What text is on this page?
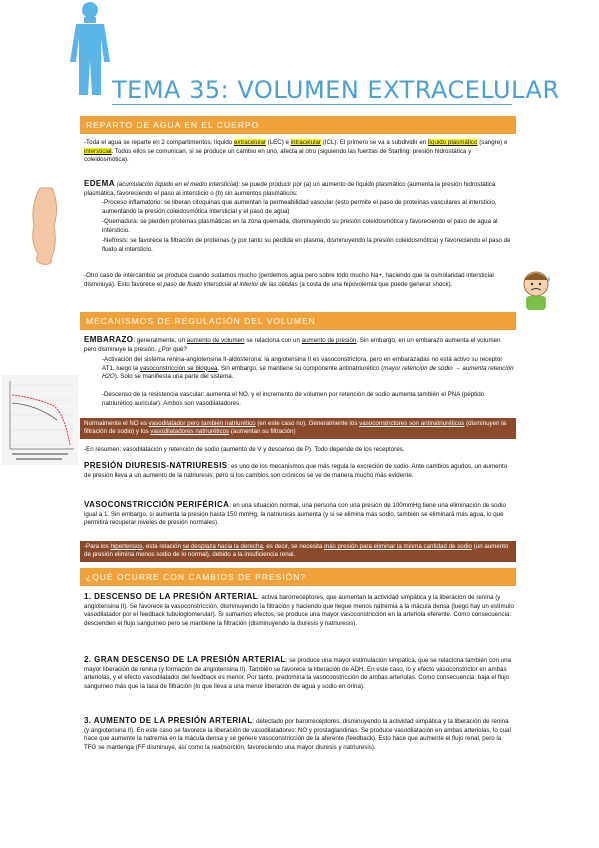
TEMA 35: VOLUMEN EXTRACELULAR
REPARTO DE AGUA EN EL CUERPO
-Toda el agua se reparte en 2 compartimentos: líquido extracelular (LEC) e intracelular (ICL). El primero se va a subdividir en líquido plasmático (sangre) e intersticial. Todos ellos se comunican, si se produce un cambio en uno, afecta al otro (siguiendo las fuerzas de Starling: presión hidrostática y coleidosmótica).
EDEMA (acumulación líquido en el medio intersticial): se puede producir por (a) un aumento de líquido plasmático (aumenta la presión hidrostática plasmática, favoreciendo el paso al intersticio o (b) sin aumentos plasmáticos:
-Proceso inflamatorio: se liberan citoquinas que aumentan la permeabilidad vascular (esto permite el paso de proteínas vasculares al intersticio, aumentando la presión coleidosmótica intersticial y el paso de agua)
-Quemadura: se pierden proteínas plasmáticas en la zona quemada, disminuyendo su presión coleidosmótica y favoreciendo el paso de agua al intersticio.
-Nefrosis: se favorece la filtración de proteínas (y por tanto su pérdida en plasma, disminuyendo la presión coleidosmótica) y favoreciendo el paso de fluido al intersticio.
-Otro caso de intercambio se produce cuando sudamos mucho (perdemos agua pero sobre todo mucho Na+, haciendo que la osmolaridad intersticial disminuya). Esto favorece el paso de fluido intersticial al interior de las células (a costa de una hipovolemia que puede generar shock).
MECANISMOS DE REGULACIÓN DEL VOLUMEN
EMBARAZO: generalmente, un aumento de volumen se relaciona con un aumento de presión. Sin embargo, en un embarazo aumenta el volumen pero disminuye la presión. ¿Por qué?
-Activación del sistema renina-angiotensina II-aldosterona: la angiotensina II es vasoconstrictora, pero en embarazadas no está activo su receptor AT1, luego la vasoconstricción se bloquea. Sin embargo, se mantiene su componente antinatriurético (mayor retención de sodio → aumenta retención H2O). Solo se manifiesta una parte del sistema.
-Descenso de la resistencia vascular: aumenta el NO, y el incremento de volumen por retención de sodio aumenta también el PNA (péptido natriurético auricular). Ambos son vasodilatadores.
Normalmente el NO es vasodilatador pero también natriurético (en este caso no). Generalmente los vasoconstrictores son antinatriuréticos (disminuyen la filtración de sodio) y los vasodilatadores natriuréticos (aumentan su filtración)
-En resumen: vasodilatación y retención de sodio (aumento de V y descenso de P). Todo depende de los receptores.
PRESIÓN DIURESIS-NATRIURESIS: es uno de los mecanismos que más regula la excreción de sodio. Ante cambios agudos, un aumento de presión lleva a un aumento de la natriuresis; pero si los cambios son crónicos se ve de manera mucho más evidente.
VASOCONSTRICCIÓN PERIFÉRICA: en una situación normal, una persona con una presión de 100mmHg tiene una eliminación de sodio igual a 1. Sin embargo, si aumenta la presión hasta 150 mmHg, la natriuresis aumenta (y si se elimina más sodio, también se eliminará más agua, lo que permitirá recuperar niveles de presión normales).
-Para los hipertensos, esta relación se desplaza hacia la derecha, es decir, se necesita más presión para eliminar la misma cantidad de sodio (un aumento de presión elimina menos sodio de lo normal), debido a la insuficiencia renal.
¿QUÉ OCURRE CON CAMBIOS DE PRESIÓN?
1. DESCENSO DE LA PRESIÓN ARTERIAL: activa barorreceptores, que aumentan la actividad simpática y la liberación de renina (y angiotensina II). Se favorece la vasoconstricción, disminuyendo la filtración y haciendo que llegue menos natremia a la mácula densa (luego hay un estímulo vasodilatador por el feedback tubuloglomerular). Si sumamos efectos, se produce una mayor vasoconstricción en la arteriola eferente. Como consecuencia: descienden el flujo sanguíneo pero se mantiene la filtración (disminuyendo la diuresis y natriuresis).
2. GRAN DESCENSO DE LA PRESIÓN ARTERIAL: se produce una mayor estimulación simpática, que se relaciona también con una mayor liberación de renina (y formación de angiotensina II). También se favorece la liberación de ADH. En este caso, lo y efecto vasoconstrictor en ambas arteriolas, y el efecto vasodilatador del feedback es menor. Por tanto, predomina la vasoconstricción de ambas arteriolas. Como consecuencia: baja el flujo sanguíneo más que la tasa de filtración (lo que lleva a una menor liberación de agua y sodio en orina).
3. AUMENTO DE LA PRESIÓN ARTERIAL: detectado por barorreceptores, disminuyendo la actividad simpática y la liberación de renina (y angiotensina II). En este caso se favorece la liberación de vasodilatadores: NO y prostaglandinas. Se produce vasodilatación en ambas arteriolas, lo cual hace que aumente la natremia en la mácula densa y se genere vasoconstricción de la aferente (feedback). Esto hace que aumente el flujo renal, pero la TFG se mantenga (FF disminuye, así como la reabsorción, favoreciendo una mayor diuresis y natriuresis).
